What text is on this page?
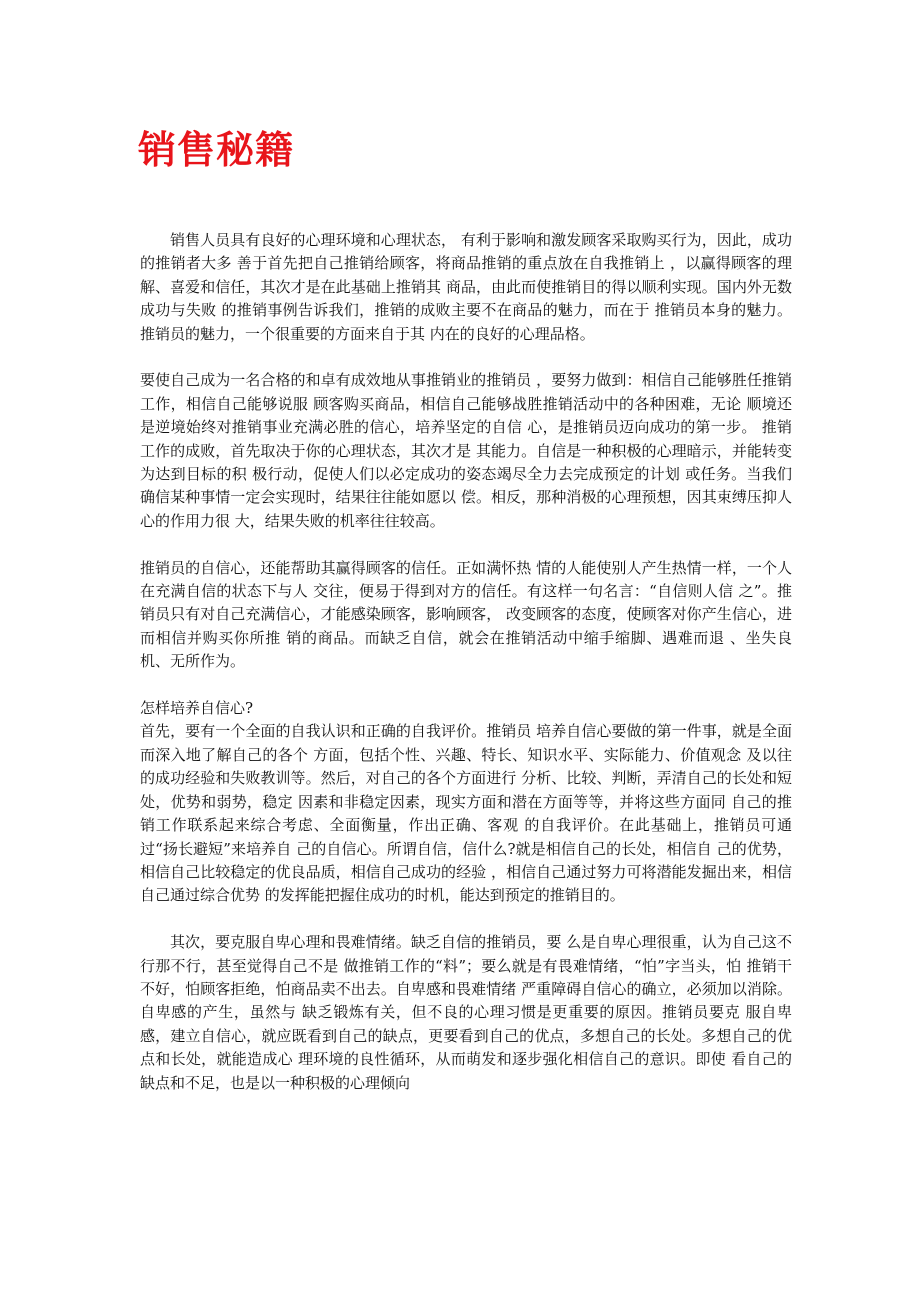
销售秘籍

销售人员具有良好的心理环境和心理状态， 有利于影响和激发顾客采取购买行为，因此，成功的推销者大多 善于首先把自己推销给顾客，将商品推销的重点放在自我推销上 ，以赢得顾客的理解、喜爱和信任，其次才是在此基础上推销其 商品，由此而使推销目的得以顺利实现。国内外无数成功与失败 的推销事例告诉我们，推销的成败主要不在商品的魅力，而在于 推销员本身的魅力。推销员的魅力，一个很重要的方面来自于其 内在的良好的心理品格。

要使自己成为一名合格的和卓有成效地从事推销业的推销员 ，要努力做到：相信自己能够胜任推销工作，相信自己能够说服 顾客购买商品，相信自己能够战胜推销活动中的各种困难，无论 顺境还是逆境始终对推销事业充满必胜的信心，培养坚定的自信 心，是推销员迈向成功的第一步。 推销工作的成败，首先取决于你的心理状态，其次才是 其能力。自信是一种积极的心理暗示，并能转变为达到目标的积 极行动，促使人们以必定成功的姿态竭尽全力去完成预定的计划 或任务。当我们确信某种事情一定会实现时，结果往往能如愿以 偿。相反，那种消极的心理预想，因其束缚压抑人心的作用力很 大，结果失败的机率往往较高。

推销员的自信心，还能帮助其赢得顾客的信任。正如满怀热 情的人能使别人产生热情一样，一个人在充满自信的状态下与人 交往，便易于得到对方的信任。有这样一句名言：“自信则人信 之”。推销员只有对自己充满信心，才能感染顾客，影响顾客， 改变顾客的态度，使顾客对你产生信心，进而相信并购买你所推 销的商品。而缺乏自信，就会在推销活动中缩手缩脚、遇难而退 、坐失良机、无所作为。

怎样培养自信心?

首先，要有一个全面的自我认识和正确的自我评价。推销员 培养自信心要做的第一件事，就是全面而深入地了解自己的各个 方面，包括个性、兴趣、特长、知识水平、实际能力、价值观念 及以往的成功经验和失败教训等。然后，对自己的各个方面进行 分析、比较、判断，弄清自己的长处和短处，优势和弱势，稳定 因素和非稳定因素，现实方面和潜在方面等等，并将这些方面同 自己的推销工作联系起来综合考虑、全面衡量，作出正确、客观 的自我评价。在此基础上，推销员可通过“扬长避短”来培养自 己的自信心。所谓自信，信什么?就是相信自己的长处，相信自 己的优势，相信自己比较稳定的优良品质，相信自己成功的经验 ，相信自己通过努力可将潜能发掘出来，相信自己通过综合优势 的发挥能把握住成功的时机，能达到预定的推销目的。

其次，要克服自卑心理和畏难情绪。缺乏自信的推销员，要 么是自卑心理很重，认为自己这不行那不行，甚至觉得自己不是 做推销工作的“料”；要么就是有畏难情绪，“怕”字当头，怕 推销干不好，怕顾客拒绝，怕商品卖不出去。自卑感和畏难情绪 严重障碍自信心的确立，必须加以消除。自卑感的产生，虽然与 缺乏锻炼有关，但不良的心理习惯是更重要的原因。推销员要克 服自卑感，建立自信心，就应既看到自己的缺点，更要看到自己的优点，多想自己的长处。多想自己的优点和长处，就能造成心 理环境的良性循环，从而萌发和逐步强化相信自己的意识。即使 看自己的缺点和不足，也是以一种积极的心理倾向
